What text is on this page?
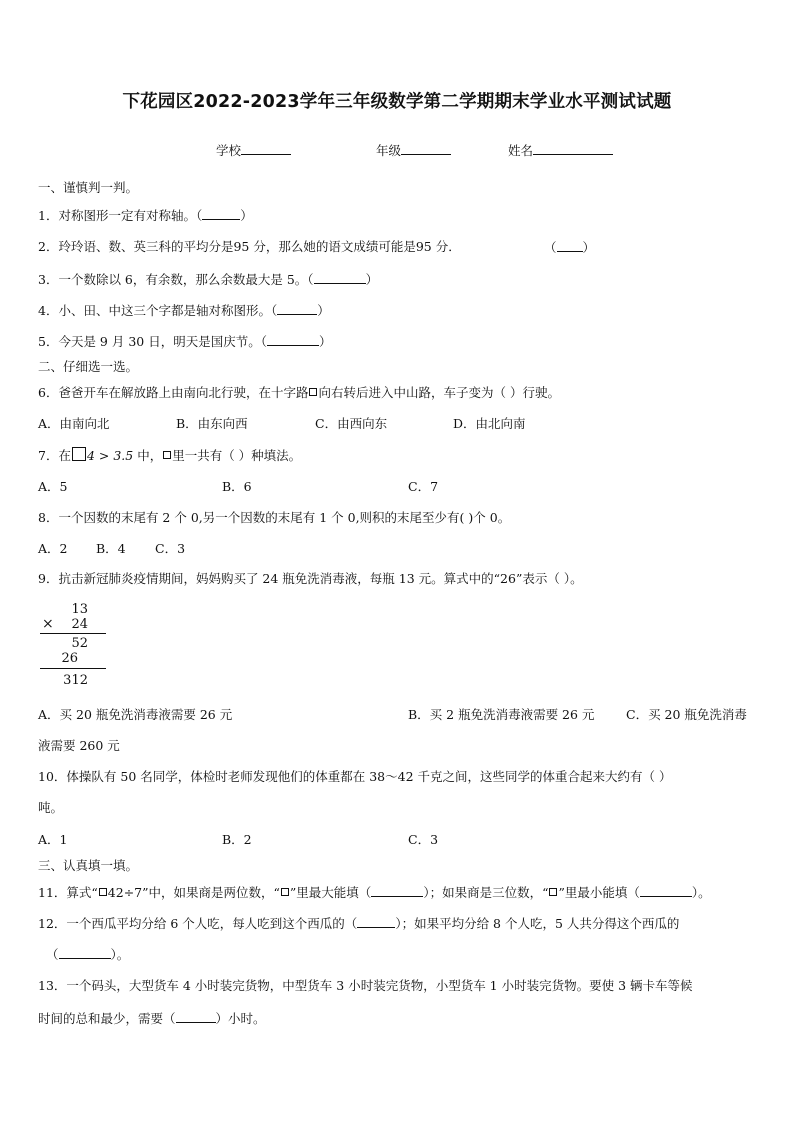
下花园区2022-2023学年三年级数学第二学期期末学业水平测试试题
学校	年级	姓名
一、谨慎判一判。
1．对称图形一定有对称轴。（	）
2．玲玲语、数、英三科的平均分是95 分，那么她的语文成绩可能是95 分．	（ ）
3．一个数除以 6，有余数，那么余数最大是 5。（	）
4．小、田、中这三个字都是轴对称图形。（	）
5．今天是 9 月 30 日，明天是国庆节。（	）
二、仔细选一选。
6．爸爸开车在解放路上由南向北行驶，在十字路 向右转后进入中山路，车子变为（ ）行驶。
A．由南向北	B．由东向西	C．由西向东	D．由北向南
7．在 4 > 3.5 中， 里一共有（ ）种填法。
A．5	B．6	C．7
8．一个因数的末尾有 2 个 0,另一个因数的末尾有 1 个 0,则积的末尾至少有( )个 0。
A．2 B．4 C．3
9．抗击新冠肺炎疫情期间，妈妈购买了 24 瓶免洗消毒液，每瓶 13 元。算式中的“26”表示（ ）。
13
×	24
52
26
312
A．买 20 瓶免洗消毒液需要 26 元	B．买 2 瓶免洗消毒液需要 26 元	C．买 20 瓶免洗消毒
液需要 260 元
10．体操队有 50 名同学，体检时老师发现他们的体重都在 38～42 千克之间，这些同学的体重合起来大约有（ ）
吨。
A．1	B．2	C．3
三、认真填一填。
11．算式“ 42÷7”中，如果商是两位数，“ ”里最大能填（	）；如果商是三位数，“ ”里最小能填（	）。
12．一个西瓜平均分给 6 个人吃，每人吃到这个西瓜的（	）；如果平均分给 8 个人吃，5 人共分得这个西瓜的
（	）。
13．一个码头，大型货车 4 小时装完货物，中型货车 3 小时装完货物，小型货车 1 小时装完货物。要使 3 辆卡车等候
时间的总和最少，需要（	）小时。
